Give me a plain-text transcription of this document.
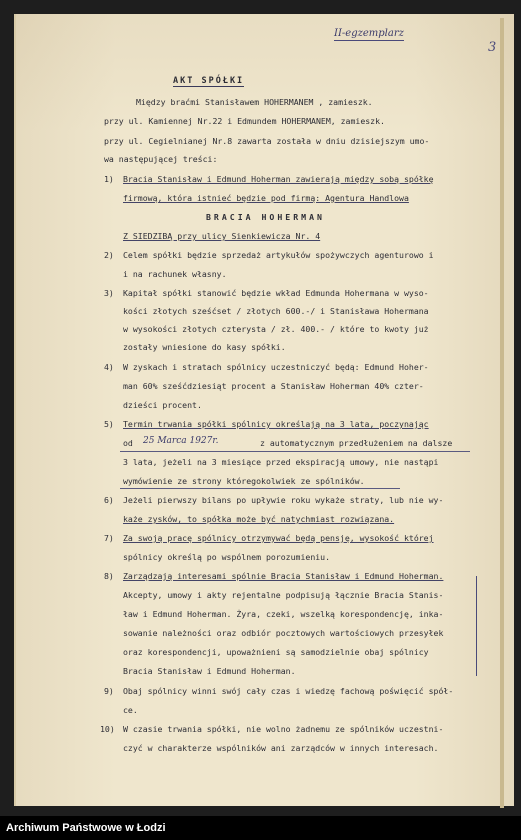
II-egzemplarz
3
AKT SPÓŁKI
Między braćmi Stanisławem HOHERMANEM , zamieszk.
przy ul. Kamiennej Nr.22 i Edmundem HOHERMANEM, zamieszk.
przy ul. Cegielnianej Nr.8 zawarta została w dniu dzisiejszym umo-
wa następującej treści:
1) Bracia Stanisław i Edmund Hoherman zawierają między sobą spółkę
firmową, która istnieć będzie pod firmą: Agentura Handlowa
BRACIA HOHERMAN
Z SIEDZIBĄ przy ulicy Sienkiewicza Nr. 4
2) Celem spółki będzie sprzedaż artykułów spożywczych agenturowo i
i na rachunek własny.
3) Kapitał spółki stanowić będzie wkład Edmunda Hohermana w wyso-
kości złotych sześćset / złotych 600.-/ i Stanisława Hohermana
w wysokości złotych czterysta / zł. 400.- / które to kwoty już
zostały wniesione do kasy spółki.
4) W zyskach i stratach spólnicy uczestniczyć będą: Edmund Hoher-
man 60% sześćdziesiąt procent a Stanisław Hoherman 40% czter-
dzieści procent.
5) Termin trwania spółki spólnicy określają na 3 lata, poczynając
od 25 Marca 1927r.	z automatycznym przedłużeniem na dalsze
3 lata, jeżeli na 3 miesiące przed ekspiracją umowy, nie nastąpi
wymówienie ze strony któregokolwiek ze spólników.
6) Jeżeli pierwszy bilans po upływie roku wykaże straty, lub nie wy-
każe zysków, to spółka może być natychmiast rozwiązana.
7) Za swoją pracę spólnicy otrzymywać będą pensję, wysokość której
spólnicy określą po wspólnem porozumieniu.
8) Zarządzają interesami spólnie Bracia Stanisław i Edmund Hoherman.
Akcepty, umowy i akty rejentalne podpisują łącznie Bracia Stanis-
ław i Edmund Hoherman. Żyra, czeki, wszelką korespondencję, inka-
sowanie należności oraz odbiór pocztowych wartościowych przesyłek
oraz korespondencji, upoważnieni są samodzielnie obaj spólnicy
Bracia Stanisław i Edmund Hoherman.
9) Obaj spólnicy winni swój cały czas i wiedzę fachową poświęcić spół-
ce.
10) W czasie trwania spółki, nie wolno żadnemu ze spólników uczestni-
czyć w charakterze wspólników ani zarządców w innych interesach.
Archiwum Państwowe w Łodzi
